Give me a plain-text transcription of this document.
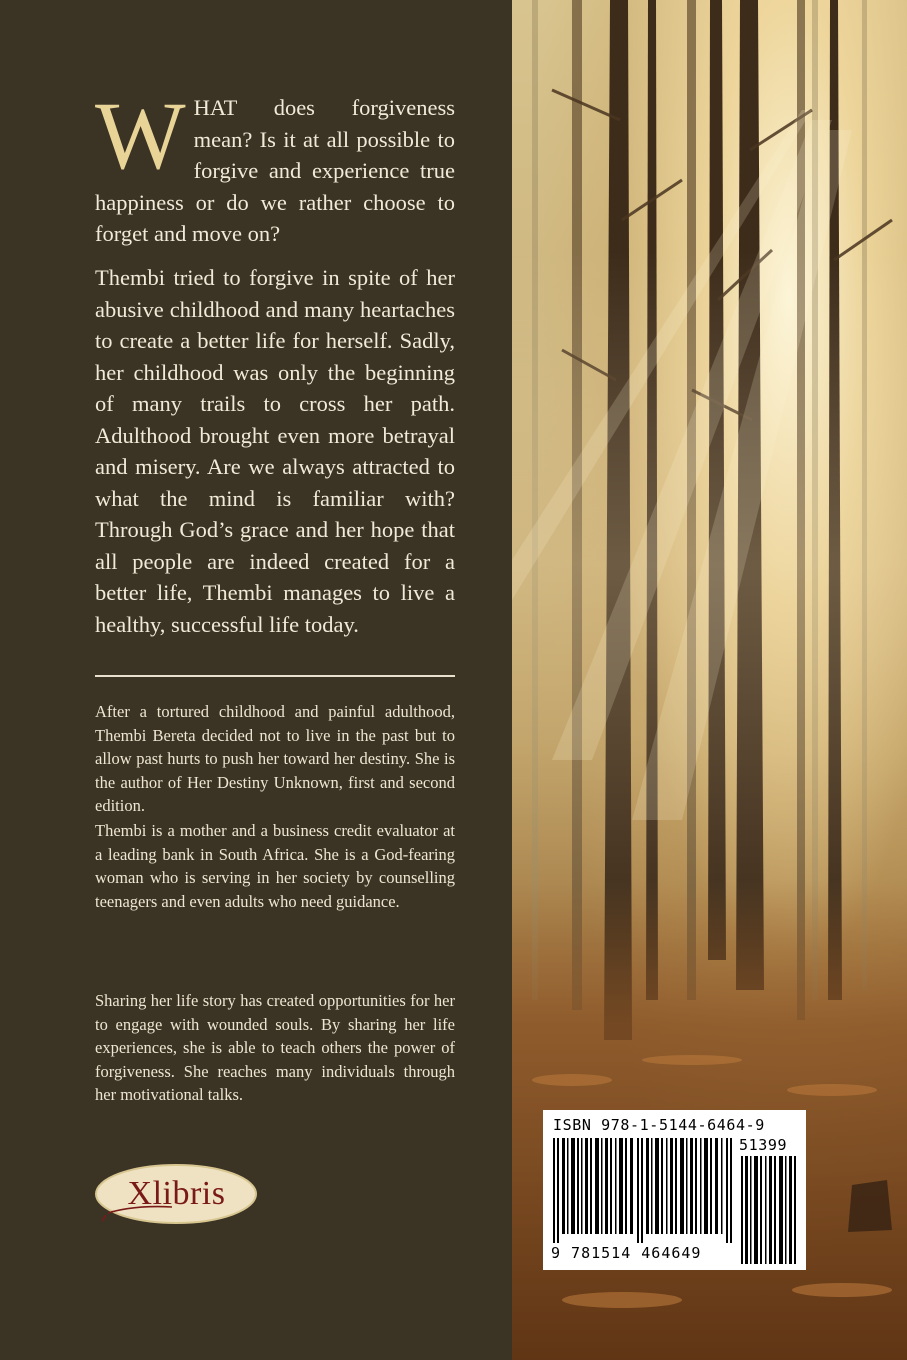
WHAT does forgiveness mean? Is it at all possible to forgive and experience true happiness or do we rather choose to forget and move on?

Thembi tried to forgive in spite of her abusive childhood and many heartaches to create a better life for herself. Sadly, her childhood was only the beginning of many trails to cross her path. Adulthood brought even more betrayal and misery. Are we always attracted to what the mind is familiar with? Through God’s grace and her hope that all people are indeed created for a better life, Thembi manages to live a healthy, successful life today.

After a tortured childhood and painful adulthood, Thembi Bereta decided not to live in the past but to allow past hurts to push her toward her destiny. She is the author of Her Destiny Unknown, first and second edition.

Thembi is a mother and a business credit evaluator at a leading bank in South Africa. She is a God-fearing woman who is serving in her society by counselling teenagers and even adults who need guidance.

Sharing her life story has created opportunities for her to engage with wounded souls. By sharing her life experiences, she is able to teach others the power of forgiveness. She reaches many individuals through her motivational talks.

Xlibris

ISBN 978-1-5144-6464-9

51399

9 781514 464649
